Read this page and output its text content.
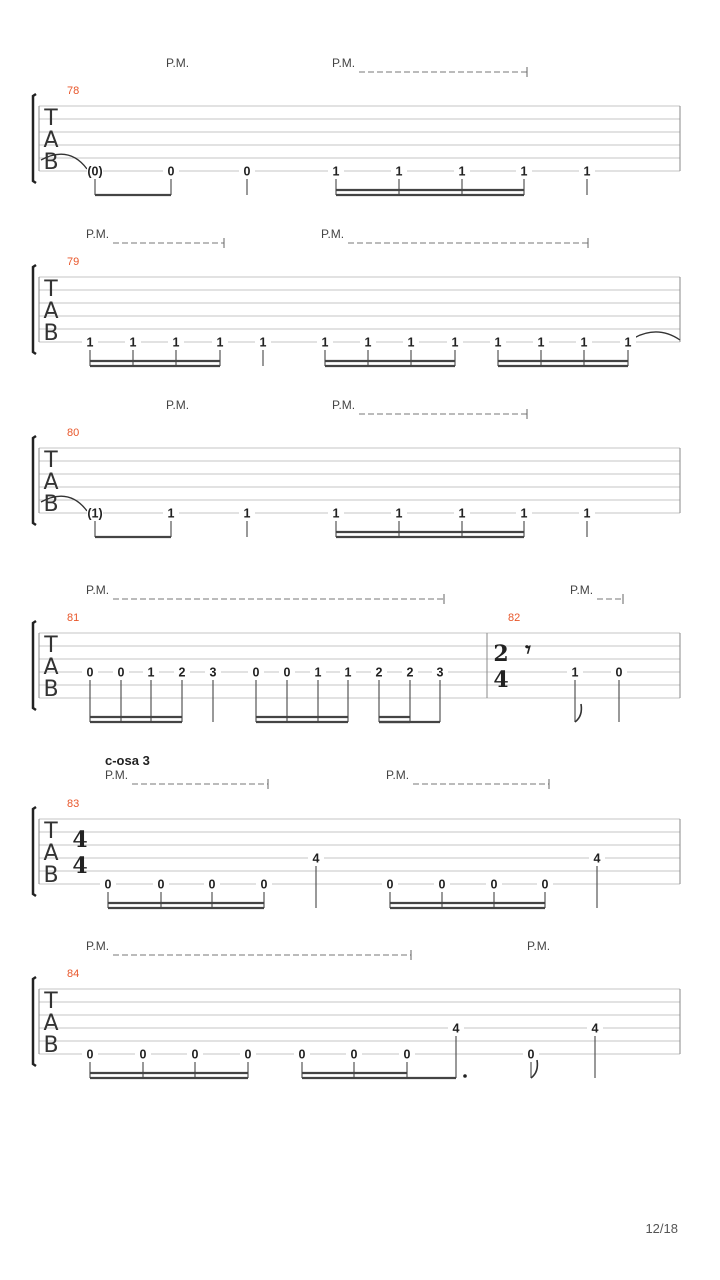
T
A
B
78
P.M.	P.M.
(0)	0	0	1	1	1	1	1
T
A
B
79
P.M.	P.M.
1	1	1	1	1	1	1	1	1	1	1	1	1
T
A
B
80
P.M.	P.M.
(1)	1	1	1	1	1	1	1
T
A
B
81	82
P.M.	P.M.
2
4
𝄾
0 0 1 2 3	0 0 1 1 2 2 3	1	0
T
A
B
83
P.M.	P.M.
c-osa 3
4
4
0	0	0	0
4
0	0	0	0
4
T
A
B
84
P.M.	P.M.
0	0	0	0	0	0	0
4
0
4
12/18
